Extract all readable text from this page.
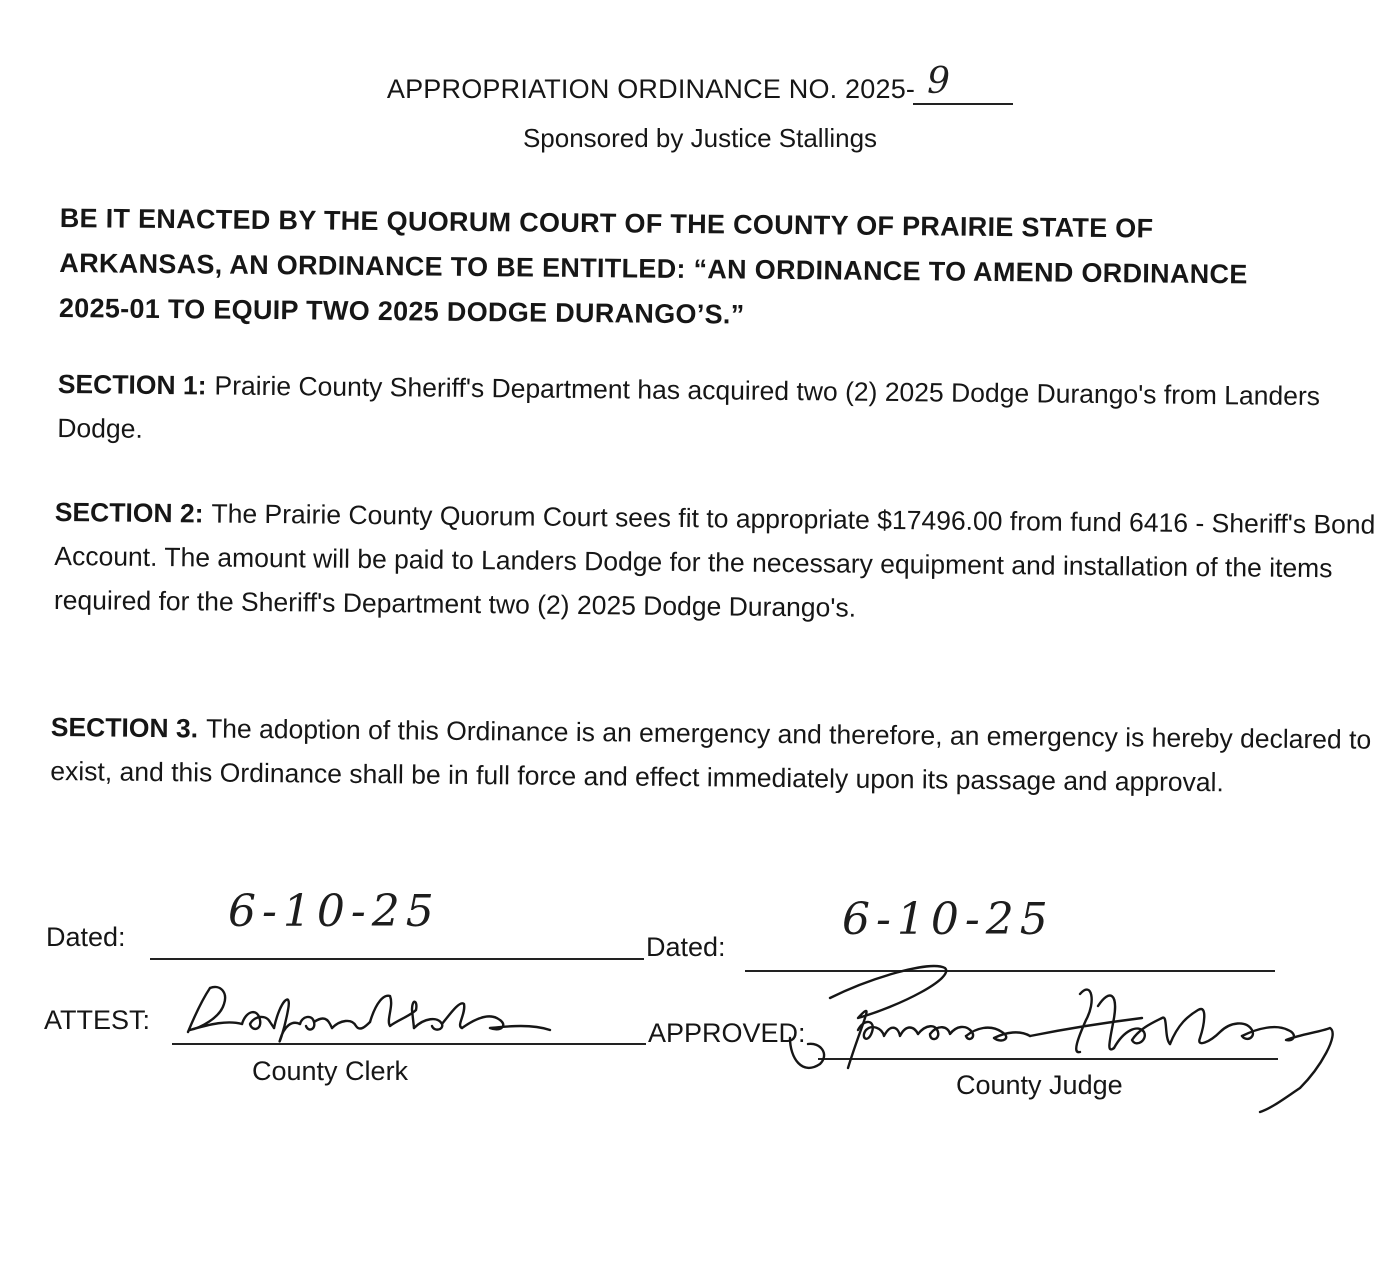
APPROPRIATION ORDINANCE NO. 2025- 9
Sponsored by Justice Stallings
BE IT ENACTED BY THE QUORUM COURT OF THE COUNTY OF PRAIRIE STATE OF ARKANSAS, AN ORDINANCE TO BE ENTITLED: “AN ORDINANCE TO AMEND ORDINANCE 2025-01 TO EQUIP TWO 2025 DODGE DURANGO’S.”
SECTION 1: Prairie County Sheriff's Department has acquired two (2) 2025 Dodge Durango's from Landers Dodge.
SECTION 2: The Prairie County Quorum Court sees fit to appropriate $17496.00 from fund 6416 - Sheriff's Bond Account. The amount will be paid to Landers Dodge for the necessary equipment and installation of the items required for the Sheriff's Department two (2) 2025 Dodge Durango's.
SECTION 3. The adoption of this Ordinance is an emergency and therefore, an emergency is hereby declared to exist, and this Ordinance shall be in full force and effect immediately upon its passage and approval.
Dated: 6-10-25
ATTEST:
County Clerk
Dated:
6-10-25
APPROVED:
County Judge
